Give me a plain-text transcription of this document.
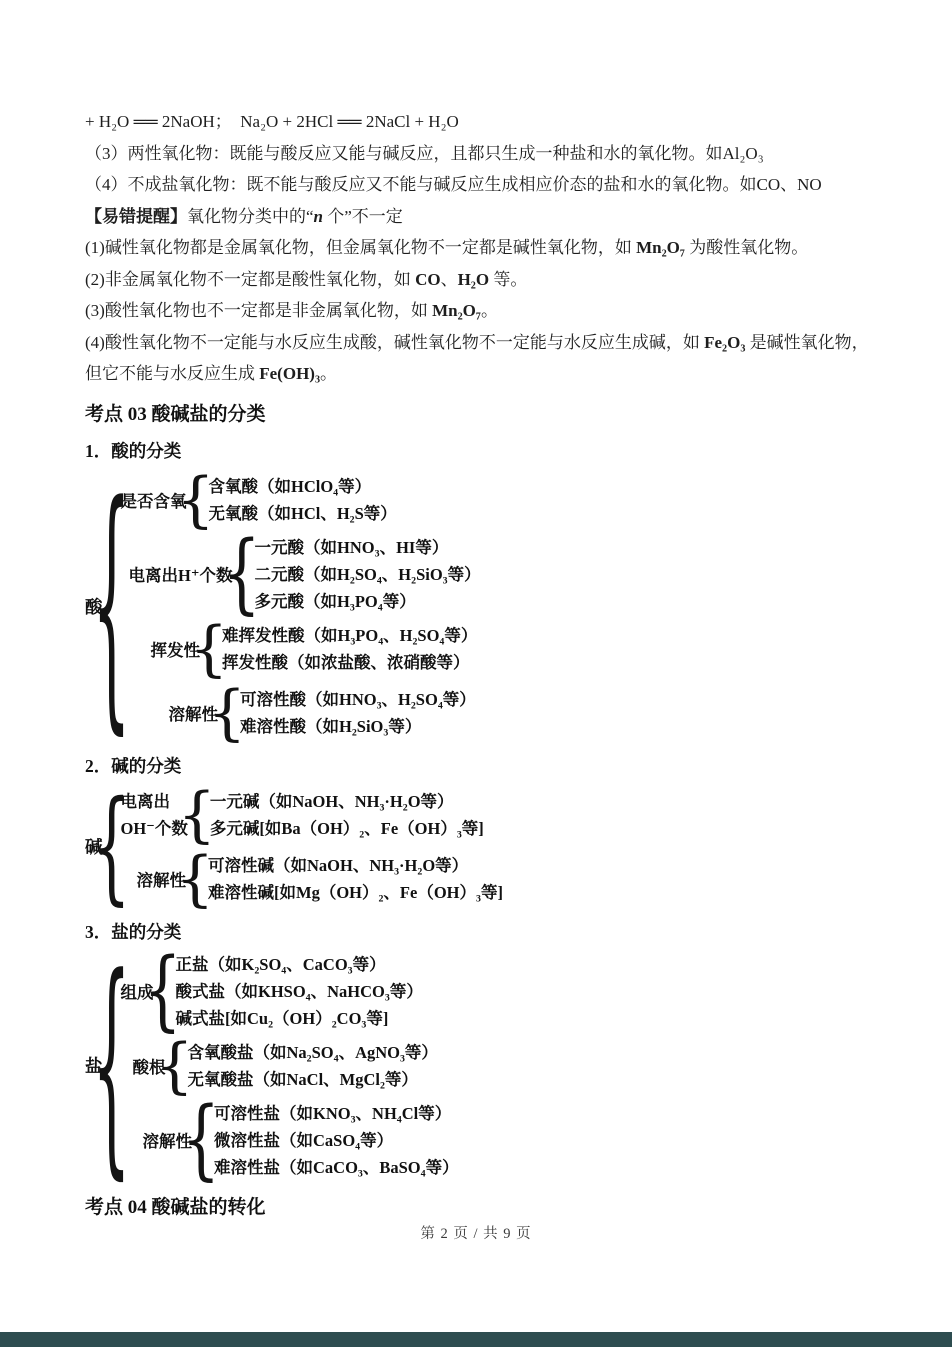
+ H₂O ══ 2NaOH；  Na₂O + 2HCl ══ 2NaCl + H₂O

（3）两性氧化物：既能与酸反应又能与碱反应，且都只生成一种盐和水的氧化物。如Al₂O₃

（4）不成盐氧化物：既不能与酸反应又不能与碱反应生成相应价态的盐和水的氧化物。如CO、NO

【易错提醒】氧化物分类中的“n 个”不一定

(1)碱性氧化物都是金属氧化物，但金属氧化物不一定都是碱性氧化物，如 Mn₂O₇ 为酸性氧化物。

(2)非金属氧化物不一定都是酸性氧化物，如 CO、H₂O 等。

(3)酸性氧化物也不一定都是非金属氧化物，如 Mn₂O₇。

(4)酸性氧化物不一定能与水反应生成酸，碱性氧化物不一定能与水反应生成碱，如 Fe₂O₃ 是碱性氧化物，但它不能与水反应生成 Fe(OH)₃。

考点 03 酸碱盐的分类
1．酸的分类
酸
{
是否含氧
{
含氧酸（如HClO₄等）
无氧酸（如HCl、H₂S等）
电离出H⁺个数
{
一元酸（如HNO₃、HI等）
二元酸（如H₂SO₄、H₂SiO₃等）
多元酸（如H₃PO₄等）
挥发性
{
难挥发性酸（如H₃PO₄、H₂SO₄等）
挥发性酸（如浓盐酸、浓硝酸等）
溶解性
{
可溶性酸（如HNO₃、H₂SO₄等）
难溶性酸（如H₂SiO₃等）
2．碱的分类
碱
{
电离出
OH⁻个数
{
一元碱（如NaOH、NH₃·H₂O等）
多元碱[如Ba（OH）₂、Fe（OH）₃等]
溶解性
{
可溶性碱（如NaOH、NH₃·H₂O等）
难溶性碱[如Mg（OH）₂、Fe（OH）₃等]
3．盐的分类
盐
{
组成
{
正盐（如K₂SO₄、CaCO₃等）
酸式盐（如KHSO₄、NaHCO₃等）
碱式盐[如Cu₂（OH）₂CO₃等]
酸根
{
含氧酸盐（如Na₂SO₄、AgNO₃等）
无氧酸盐（如NaCl、MgCl₂等）
溶解性
{
可溶性盐（如KNO₃、NH₄Cl等）
微溶性盐（如CaSO₄等）
难溶性盐（如CaCO₃、BaSO₄等）
考点 04 酸碱盐的转化
第 2 页 / 共 9 页
